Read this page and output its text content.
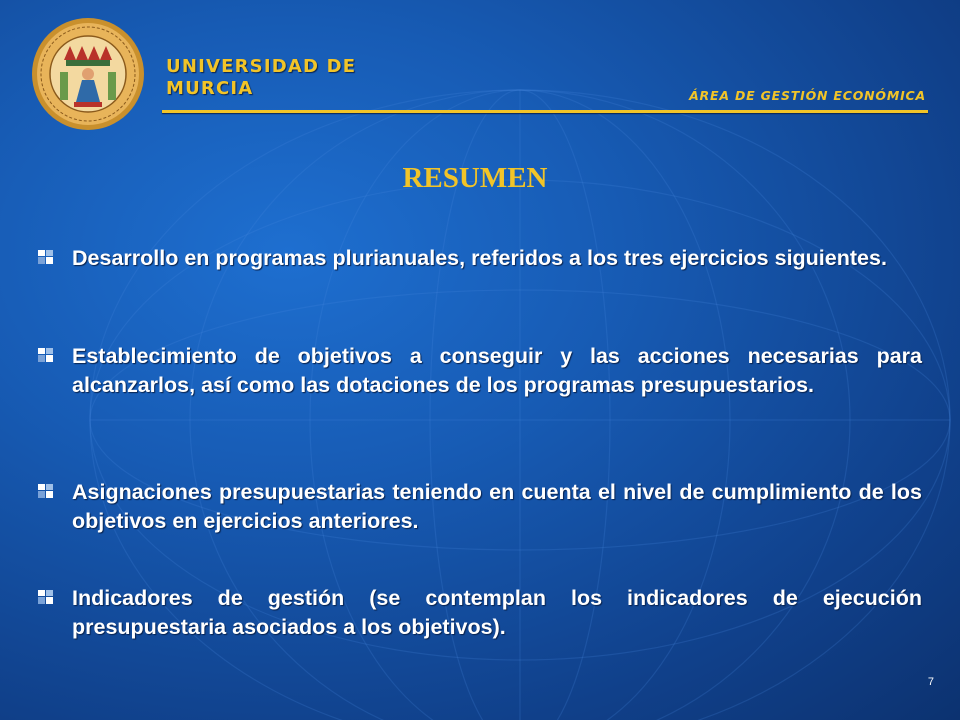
UNIVERSIDAD DE
MURCIA	ÁREA DE GESTIÓN ECONÓMICA
RESUMEN
Desarrollo en programas plurianuales, referidos a los tres ejercicios siguientes.
Establecimiento de objetivos a conseguir y las acciones necesarias para alcanzarlos, así como las dotaciones de los programas presupuestarios.
Asignaciones presupuestarias teniendo en cuenta el nivel de cumplimiento de los objetivos en ejercicios anteriores.
Indicadores de gestión (se contemplan los indicadores de ejecución presupuestaria asociados a los objetivos).
7
